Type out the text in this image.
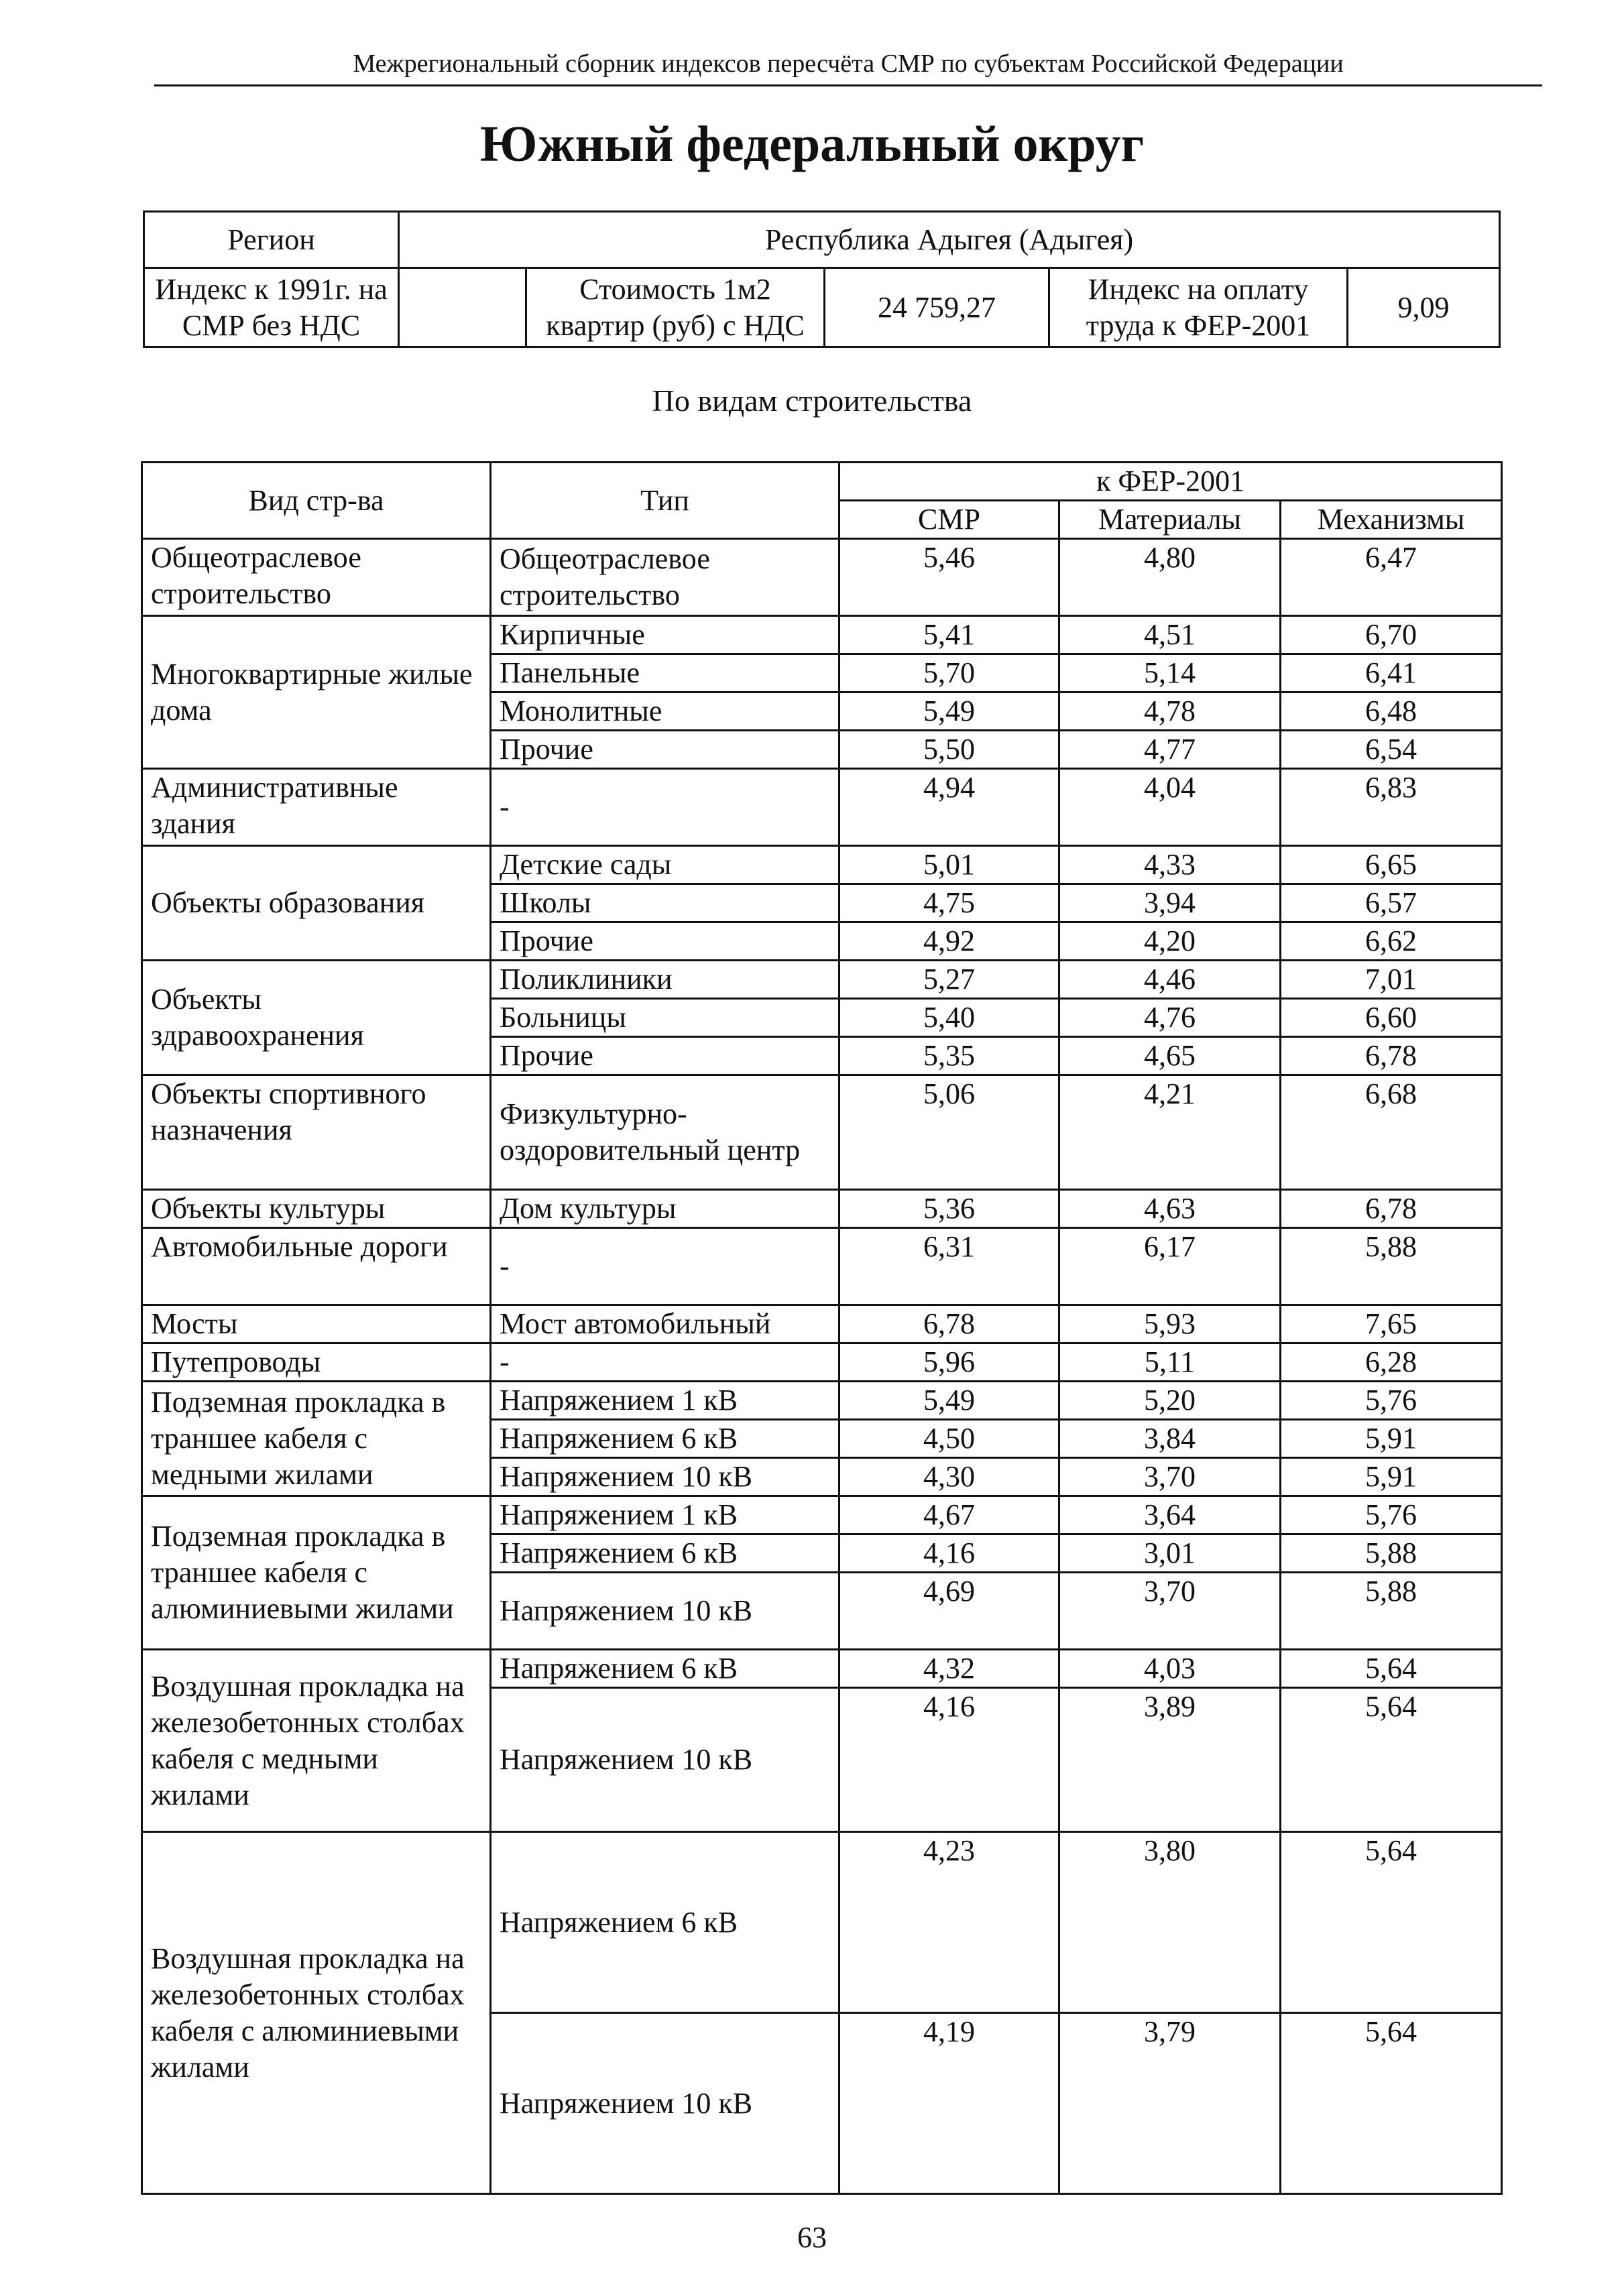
Межрегиональный сборник индексов пересчёта СМР по субъектам Российской Федерации
Южный федеральный округ
Регион	Республика Адыгея (Адыгея)				
Индекс к 1991г. на СМР без НДС		Стоимость 1м2 квартир (руб) с НДС	24 759,27	Индекс на оплату труда к ФЕР-2001	9,09
По видам строительства
Вид стр-ва	Тип	к ФЕР-2001		
		СМР	Материалы	Механизмы
Общеотраслевое строительство	Общеотраслевое строительство	5,46	4,80	6,47
Многоквартирные жилые дома	Кирпичные	5,41	4,51	6,70
	Панельные	5,70	5,14	6,41
	Монолитные	5,49	4,78	6,48
	Прочие	5,50	4,77	6,54
Административные здания	-	4,94	4,04	6,83
Объекты образования	Детские сады	5,01	4,33	6,65
	Школы	4,75	3,94	6,57
	Прочие	4,92	4,20	6,62
Объекты здравоохранения	Поликлиники	5,27	4,46	7,01
	Больницы	5,40	4,76	6,60
	Прочие	5,35	4,65	6,78
Объекты спортивного назначения	Физкультурно-оздоровительный центр	5,06	4,21	6,68
Объекты культуры	Дом культуры	5,36	4,63	6,78
Автомобильные дороги	-	6,31	6,17	5,88
Мосты	Мост автомобильный	6,78	5,93	7,65
Путепроводы	-	5,96	5,11	6,28
Подземная прокладка в траншее кабеля с медными жилами	Напряжением 1 кВ	5,49	5,20	5,76
	Напряжением 6 кВ	4,50	3,84	5,91
	Напряжением 10 кВ	4,30	3,70	5,91
Подземная прокладка в траншее кабеля с алюминиевыми жилами	Напряжением 1 кВ	4,67	3,64	5,76
	Напряжением 6 кВ	4,16	3,01	5,88
	Напряжением 10 кВ	4,69	3,70	5,88
Воздушная прокладка на железобетонных столбах кабеля с медными жилами	Напряжением 6 кВ	4,32	4,03	5,64
	Напряжением 10 кВ	4,16	3,89	5,64
Воздушная прокладка на железобетонных столбах кабеля с алюминиевыми жилами	Напряжением 6 кВ	4,23	3,80	5,64
	Напряжением 10 кВ	4,19	3,79	5,64
63
